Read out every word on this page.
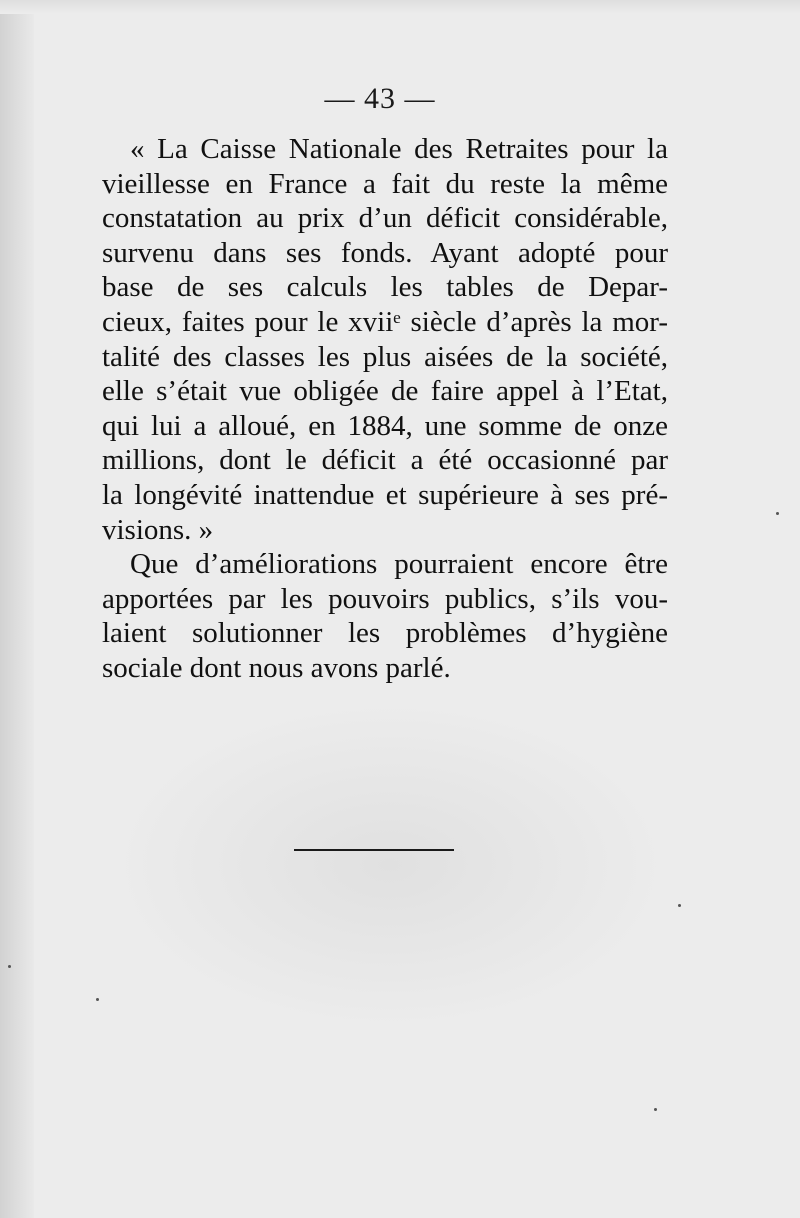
— 43 —
« La Caisse Nationale des Retraites pour la
vieillesse en France a fait du reste la même
constatation au prix d’un déficit considérable,
survenu dans ses fonds. Ayant adopté pour
base de ses calculs les tables de Depar-
cieux, faites pour le xviiᵉ siècle d’après la mor-
talité des classes les plus aisées de la société,
elle s’était vue obligée de faire appel à l’Etat,
qui lui a alloué, en 1884, une somme de onze
millions, dont le déficit a été occasionné par
la longévité inattendue et supérieure à ses pré-
visions. »
Que d’améliorations pourraient encore être
apportées par les pouvoirs publics, s’ils vou-
laient solutionner les problèmes d’hygiène
sociale dont nous avons parlé.
